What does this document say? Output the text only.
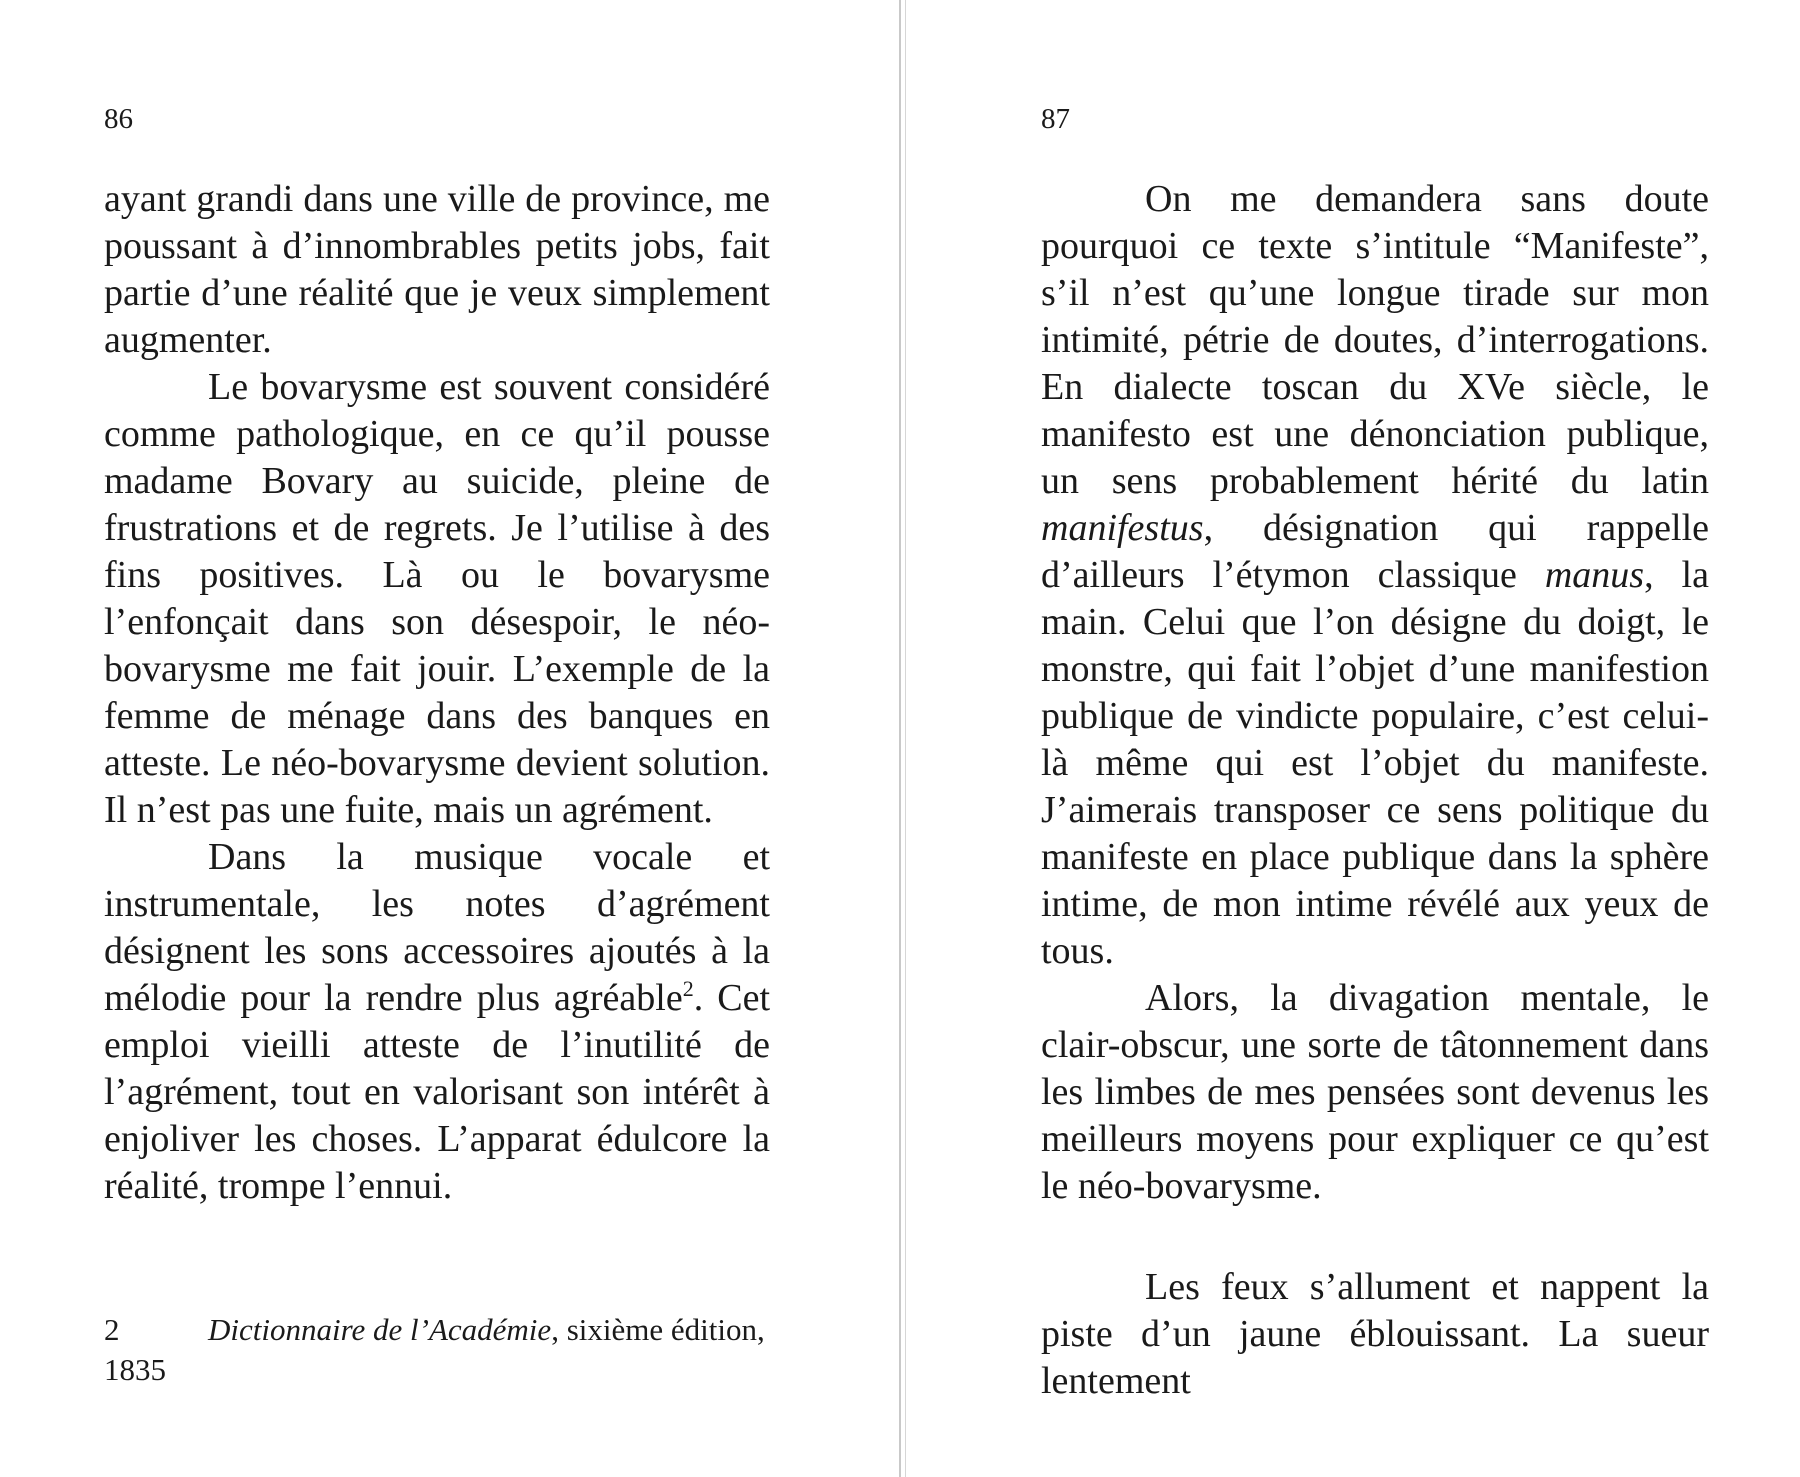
86

ayant grandi dans une ville de province, me poussant à d’innombrables petits jobs, fait partie d’une réalité que je veux simplement augmenter.

Le bovarysme est souvent considéré comme pathologique, en ce qu’il pousse madame Bovary au suicide, pleine de frustrations et de regrets. Je l’utilise à des fins positives. Là ou le bovarysme l’enfonçait dans son désespoir, le néo-bovarysme me fait jouir. L’exemple de la femme de ménage dans des banques en atteste. Le néo-bovarysme devient solution. Il n’est pas une fuite, mais un agrément.

Dans la musique vocale et instrumentale, les notes d’agrément désignent les sons accessoires ajoutés à la mélodie pour la rendre plus agréable$^2$. Cet emploi vieilli atteste de l’inutilité de l’agrément, tout en valorisant son intérêt à enjoliver les choses. L’apparat édulcore la réalité, trompe l’ennui.

2	Dictionnaire de l’Académie, sixième édition, 1835
87

On me demandera sans doute pourquoi ce texte s’intitule “Manifeste”, s’il n’est qu’une longue tirade sur mon intimité, pétrie de doutes, d’interrogations. En dialecte toscan du XVe siècle, le manifesto est une dénonciation publique, un sens probablement hérité du latin manifestus, désignation qui rappelle d’ailleurs l’étymon classique manus, la main. Celui que l’on désigne du doigt, le monstre, qui fait l’objet d’une manifestion publique de vindicte populaire, c’est celui-là même qui est l’objet du manifeste. J’aimerais transposer ce sens politique du manifeste en place publique dans la sphère intime, de mon intime révélé aux yeux de tous.

Alors, la divagation mentale, le clair-obscur, une sorte de tâtonnement dans les limbes de mes pensées sont devenus les meilleurs moyens pour expliquer ce qu’est le néo-bovarysme.

Les feux s’allument et nappent la piste d’un jaune éblouissant. La sueur lentement
